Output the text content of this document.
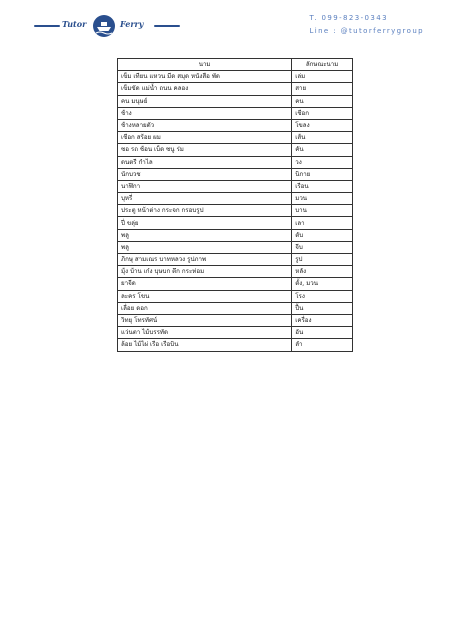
Tutor	Ferry
T. 099-823-0343
Line : @tutorferrygroup
นาม	ลักษณะนาม
เข็ม เทียน แหวน มีด สมุด หนังสือ พัด	เล่ม
เข็มขัด แม่น้ำ ถนน คลอง	สาย
คน มนุษย์	คน
ช้าง	เชือก
ช้างหลายตัว	โขลง
เชือก สร้อย ผม	เส้น
ซอ รถ ช้อน เบ็ด ซนู ร่ม	คัน
ดนตรี กำไล	วง
นักบวช	นิกาย
นาฬิกา	เรือน
บุหรี่	มวน
ประตู หน้าต่าง กระจก กรอบรูป	บาน
ปี่ ขลุ่ย	เลา
พลู	ตับ
พลู	จีบ
ภิกษุ สามเณร บาทหลวง รูปภาพ	รูป
มุ้ง บ้าน เก๋ง บุษบก ตึก กระท่อม	หลัง
ยาจีด	ตั้ง, มวน
ละคร โขน	โรง
เลื่อย ดอก	ปื้น
วิทยุ โทรทัศน์	เครื่อง
แว่นตา ไม้บรรทัด	อัน
ล้อย ไม้ไผ่ เรือ เรือบิน	ลำ
